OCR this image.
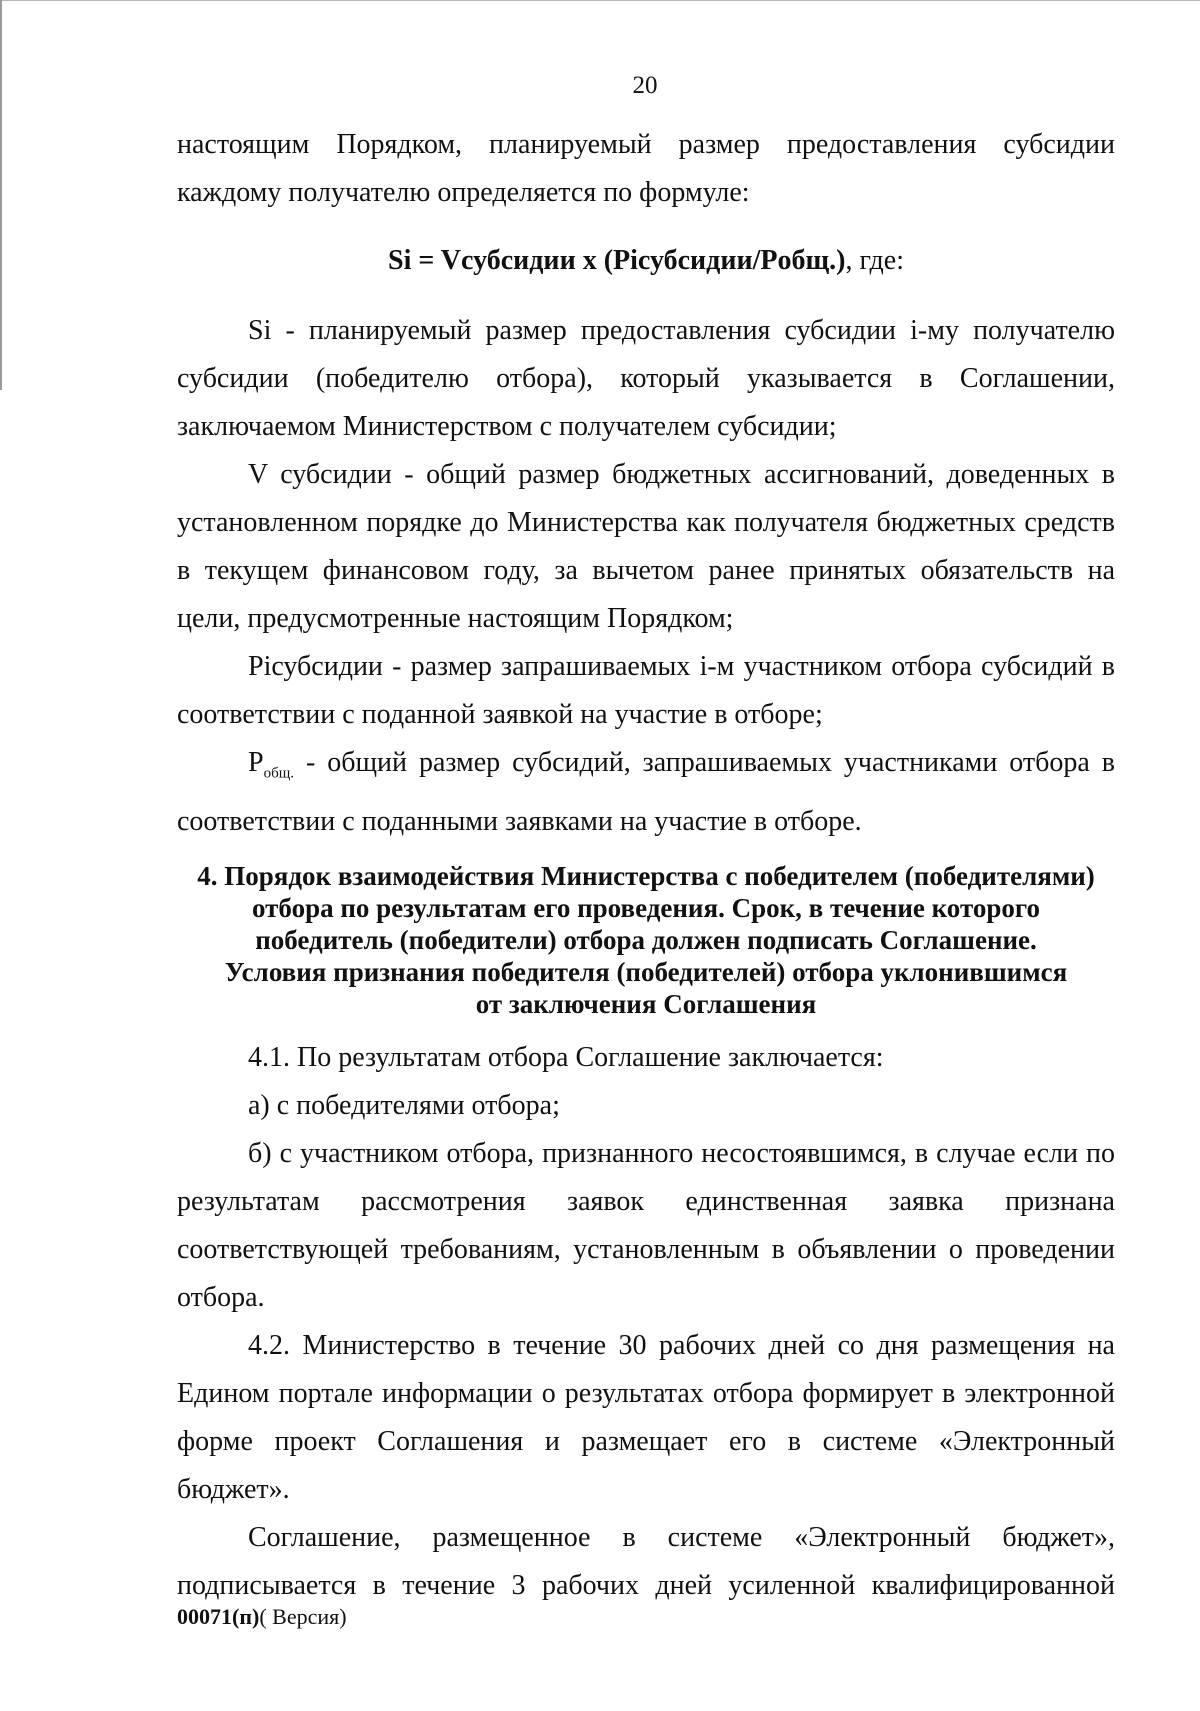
20

настоящим Порядком, планируемый размер предоставления субсидии каждому получателю определяется по формуле:

Si = Vсубсидии x (Piсубсидии/Pобщ.), где:

Si - планируемый размер предоставления субсидии i-му получателю субсидии (победителю отбора), который указывается в Соглашении, заключаемом Министерством с получателем субсидии;

V субсидии - общий размер бюджетных ассигнований, доведенных в установленном порядке до Министерства как получателя бюджетных средств в текущем финансовом году, за вычетом ранее принятых обязательств на цели, предусмотренные настоящим Порядком;

Piсубсидии - размер запрашиваемых i-м участником отбора субсидий в соответствии с поданной заявкой на участие в отборе;

$P_{общ.}$ - общий размер субсидий, запрашиваемых участниками отбора в соответствии с поданными заявками на участие в отборе.

4. Порядок взаимодействия Министерства с победителем (победителями)
отбора по результатам его проведения. Срок, в течение которого
победитель (победители) отбора должен подписать Соглашение.
Условия признания победителя (победителей) отбора уклонившимся
от заключения Соглашения

4.1. По результатам отбора Соглашение заключается:

а) с победителями отбора;

б) с участником отбора, признанного несостоявшимся, в случае если по результатам рассмотрения заявок единственная заявка признана соответствующей требованиям, установленным в объявлении о проведении отбора.

4.2. Министерство в течение 30 рабочих дней со дня размещения на Едином портале информации о результатах отбора формирует в электронной форме проект Соглашения и размещает его в системе «Электронный бюджет».

Соглашение, размещенное в системе «Электронный бюджет», подписывается в течение 3 рабочих дней усиленной квалифицированной

00071(п)( Версия)
